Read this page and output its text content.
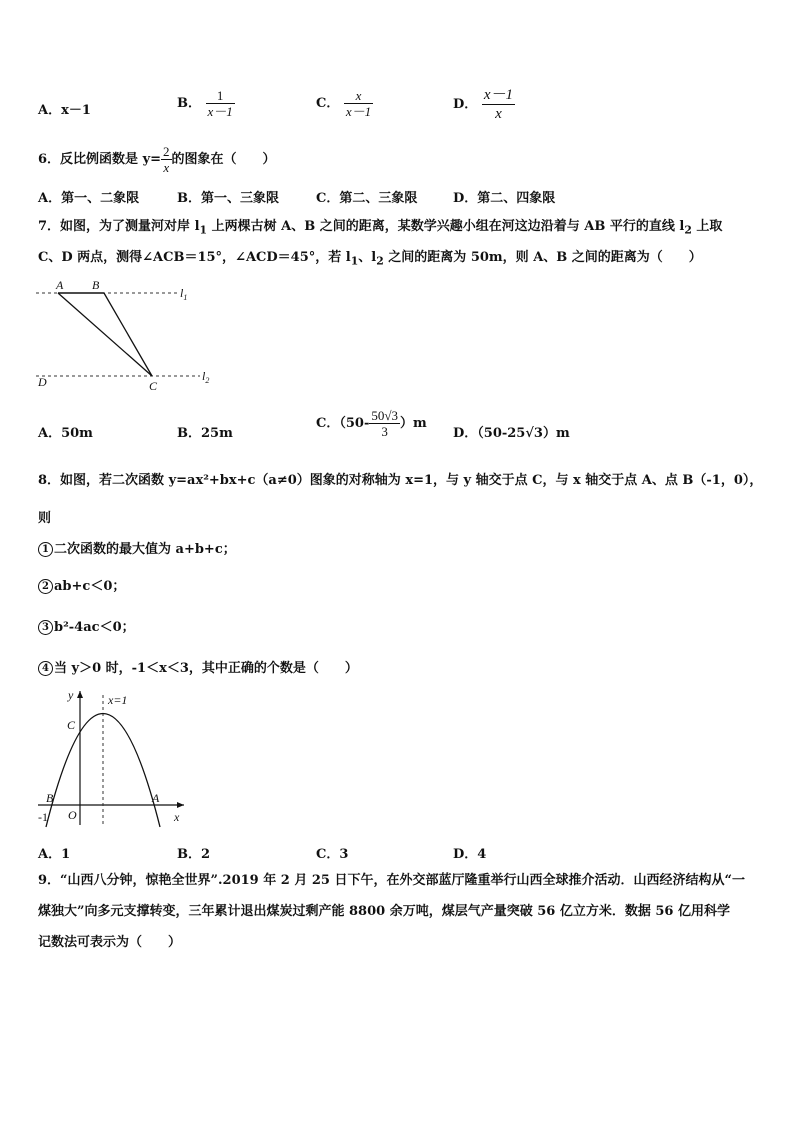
A．x－1	B． $\frac{1}{x-1}$	C． $\frac{x}{x-1}$	D． $\frac{x-1}{x}$
6．反比例函数是 $y= \frac{2}{x}$ 的图象在（　　）
A．第一、二象限	B．第一、三象限	C．第二、三象限	D．第二、四象限
7．如图，为了测量河对岸 $l_1$ 上两棵古树 A、B 之间的距离，某数学兴趣小组在河这边沿着与 AB 平行的直线 $l_2$ 上取
C、D 两点，测得∠ACB＝15°，∠ACD＝45°，若 $l_1$、$l_2$ 之间的距离为 50m，则 A、B 之间的距离为（　　）
A B
C
D
$l_1$
$l_2$
A．50m	B．25m
C．$(50- \frac{50√3}{3} )m$
D．（50-25√3）m
8．如图，若二次函数 y=ax²+bx+c（a≠0）图象的对称轴为 x=1，与 y 轴交于点 C，与 x 轴交于点 A、点 B（-1，0），
则
1 二次函数的最大值为 a+b+c；
2 ab+c＜0；
3 b²-4ac＜0；
4 当 y＞0 时，-1＜x＜3，其中正确的个数是（　　）
y
x
x=1
C
B	A
O
-1
A．1	B．2	C．3	D．4
9．“山西八分钟，惊艳全世界”.2019 年 2 月 25 日下午，在外交部蓝厅隆重举行山西全球推介活动．山西经济结构从“一
煤独大”向多元支撑转变，三年累计退出煤炭过剩产能 8800 余万吨，煤层气产量突破 56 亿立方米．数据 56 亿用科学
记数法可表示为（　　）
